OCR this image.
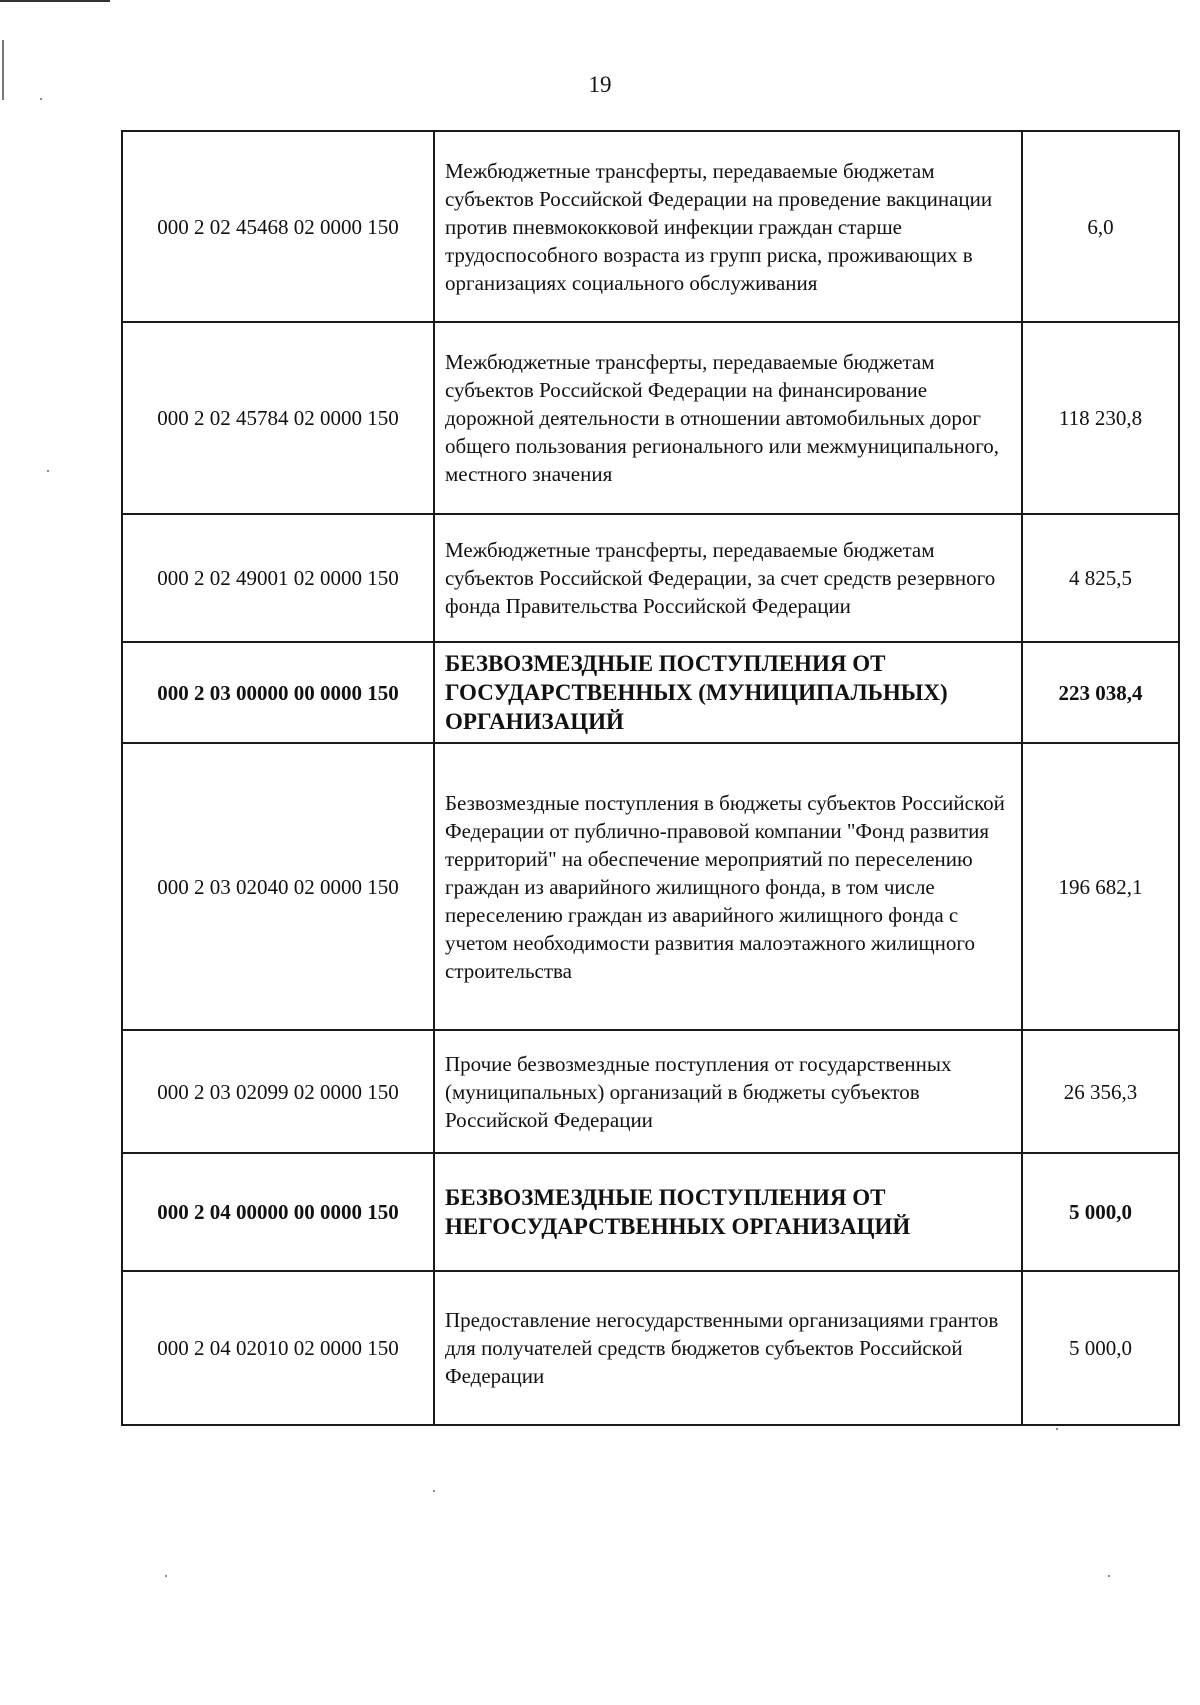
19
000 2 02 45468 02 0000 150	Межбюджетные трансферты, передаваемые бюджетам субъектов Российской Федерации на проведение вакцинации против пневмококковой инфекции граждан старше трудоспособного возраста из групп риска, проживающих в организациях социального обслуживания	6,0
000 2 02 45784 02 0000 150	Межбюджетные трансферты, передаваемые бюджетам субъектов Российской Федерации на финансирование дорожной деятельности в отношении автомобильных дорог общего пользования регионального или межмуниципального, местного значения	118 230,8
000 2 02 49001 02 0000 150	Межбюджетные трансферты, передаваемые бюджетам субъектов Российской Федерации, за счет средств резервного фонда Правительства Российской Федерации	4 825,5
000 2 03 00000 00 0000 150	БЕЗВОЗМЕЗДНЫЕ ПОСТУПЛЕНИЯ ОТ ГОСУДАРСТВЕННЫХ (МУНИЦИПАЛЬНЫХ) ОРГАНИЗАЦИЙ	223 038,4
000 2 03 02040 02 0000 150	Безвозмездные поступления в бюджеты субъектов Российской Федерации от публично-правовой компании "Фонд развития территорий" на обеспечение мероприятий по переселению граждан из аварийного жилищного фонда, в том числе переселению граждан из аварийного жилищного фонда с учетом необходимости развития малоэтажного жилищного строительства	196 682,1
000 2 03 02099 02 0000 150	Прочие безвозмездные поступления от государственных (муниципальных) организаций в бюджеты субъектов Российской Федерации	26 356,3
000 2 04 00000 00 0000 150	БЕЗВОЗМЕЗДНЫЕ ПОСТУПЛЕНИЯ ОТ НЕГОСУДАРСТВЕННЫХ ОРГАНИЗАЦИЙ	5 000,0
000 2 04 02010 02 0000 150	Предоставление негосударственными организациями грантов для получателей средств бюджетов субъектов Российской Федерации	5 000,0
